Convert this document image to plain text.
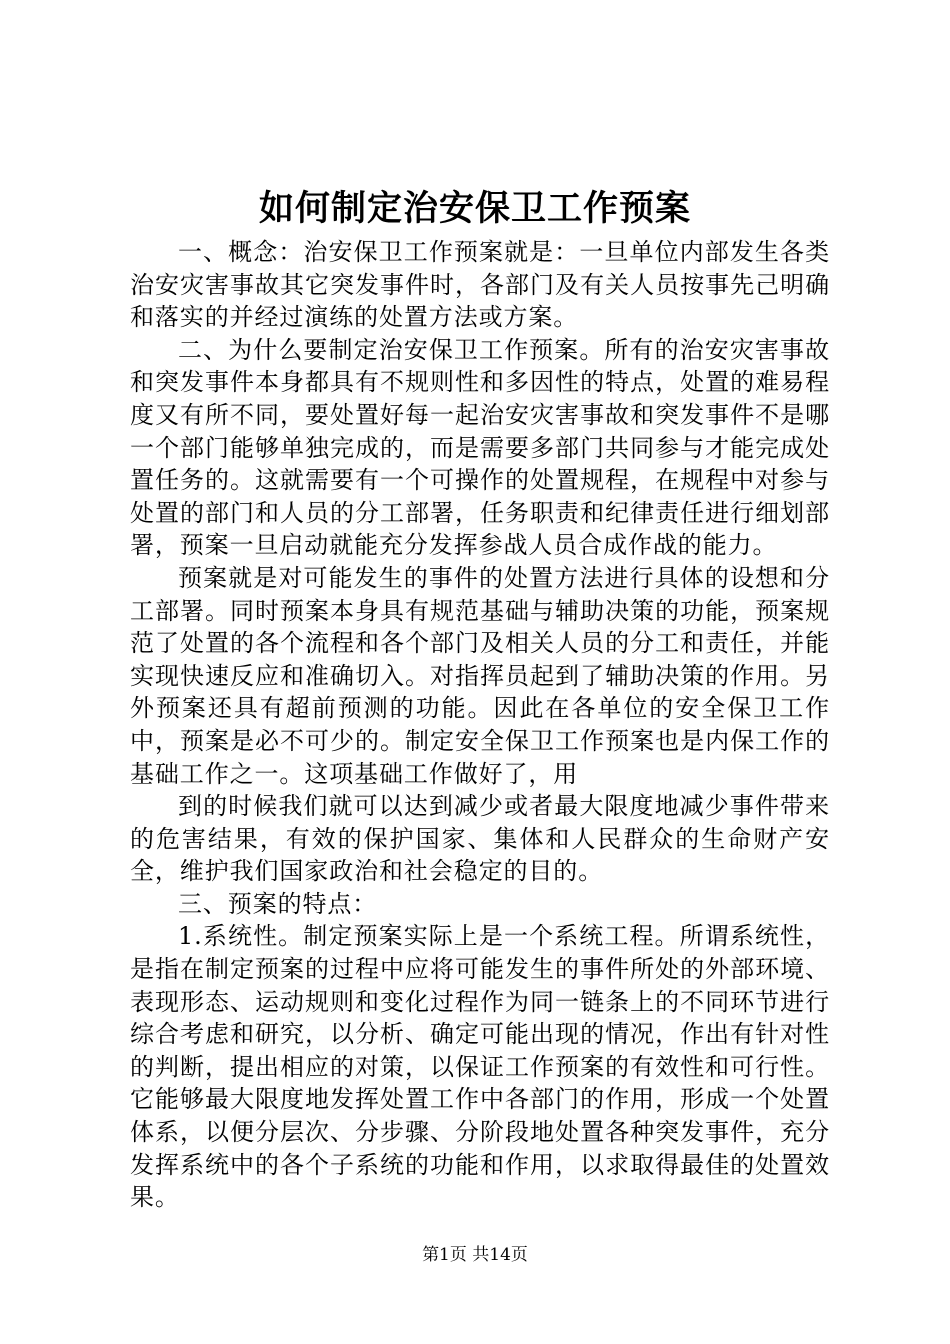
如何制定治安保卫工作预案

一、概念：治安保卫工作预案就是：一旦单位内部发生各类治安灾害事故其它突发事件时，各部门及有关人员按事先己明确和落实的并经过演练的处置方法或方案。

二、为什么要制定治安保卫工作预案。所有的治安灾害事故和突发事件本身都具有不规则性和多因性的特点，处置的难易程度又有所不同，要处置好每一起治安灾害事故和突发事件不是哪一个部门能够单独完成的，而是需要多部门共同参与才能完成处置任务的。这就需要有一个可操作的处置规程，在规程中对参与处置的部门和人员的分工部署，任务职责和纪律责任进行细划部署，预案一旦启动就能充分发挥参战人员合成作战的能力。

预案就是对可能发生的事件的处置方法进行具体的设想和分工部署。同时预案本身具有规范基础与辅助决策的功能，预案规范了处置的各个流程和各个部门及相关人员的分工和责任，并能实现快速反应和准确切入。对指挥员起到了辅助决策的作用。另外预案还具有超前预测的功能。因此在各单位的安全保卫工作中，预案是必不可少的。制定安全保卫工作预案也是内保工作的基础工作之一。这项基础工作做好了，用

到的时候我们就可以达到减少或者最大限度地减少事件带来的危害结果，有效的保护国家、集体和人民群众的生命财产安全，维护我们国家政治和社会稳定的目的。

三、预案的特点：

1.系统性。制定预案实际上是一个系统工程。所谓系统性，是指在制定预案的过程中应将可能发生的事件所处的外部环境、表现形态、运动规则和变化过程作为同一链条上的不同环节进行综合考虑和研究，以分析、确定可能出现的情况，作出有针对性的判断，提出相应的对策，以保证工作预案的有效性和可行性。它能够最大限度地发挥处置工作中各部门的作用，形成一个处置体系，以便分层次、分步骤、分阶段地处置各种突发事件，充分发挥系统中的各个子系统的功能和作用，以求取得最佳的处置效果。

第1页 共14页
